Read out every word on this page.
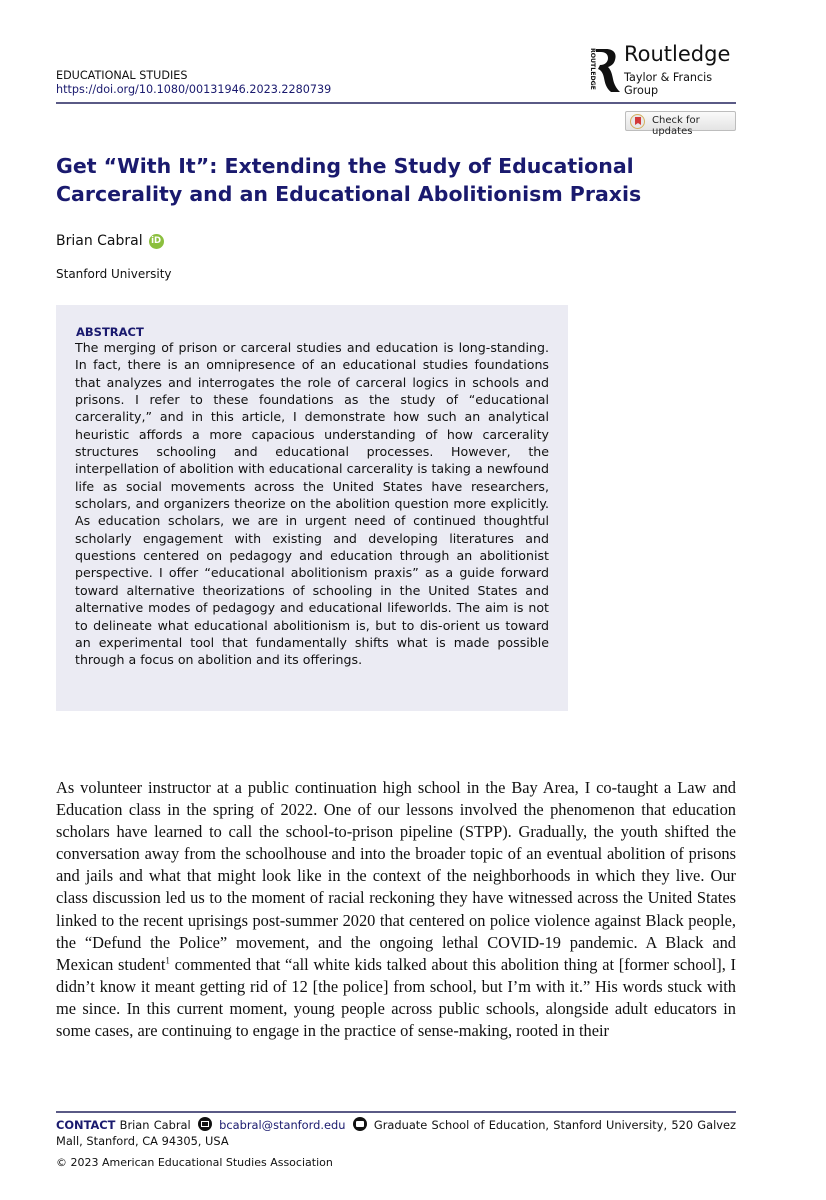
EDUCATIONAL STUDIES
https://doi.org/10.1080/00131946.2023.2280739	ROUTLEDGE Routledge
Taylor & Francis Group
Check for updates
Get “With It”: Extending the Study of Educational Carcerality and an Educational Abolitionism Praxis
Brian Cabral iD
Stanford University
ABSTRACT

The merging of prison or carceral studies and education is long-standing. In fact, there is an omnipresence of an educational studies foundations that analyzes and interrogates the role of carceral logics in schools and prisons. I refer to these foundations as the study of “educational carcerality,” and in this article, I demonstrate how such an analytical heuristic affords a more capacious understanding of how carcerality structures schooling and educational processes. However, the interpellation of abolition with educational carcerality is taking a newfound life as social movements across the United States have researchers, scholars, and organizers theorize on the abolition question more explicitly. As education scholars, we are in urgent need of continued thoughtful scholarly engagement with existing and developing literatures and questions centered on pedagogy and education through an abolitionist perspective. I offer “educational abolitionism praxis” as a guide forward toward alternative theorizations of schooling in the United States and alternative modes of pedagogy and educational lifeworlds. The aim is not to delineate what educational abolitionism is, but to dis-orient us toward an experimental tool that fundamentally shifts what is made possible through a focus on abolition and its offerings.

As volunteer instructor at a public continuation high school in the Bay Area, I co-taught a Law and Education class in the spring of 2022. One of our lessons involved the phenomenon that education scholars have learned to call the school-to-prison pipeline (STPP). Gradually, the youth shifted the conversation away from the schoolhouse and into the broader topic of an eventual abolition of prisons and jails and what that might look like in the context of the neighborhoods in which they live. Our class discussion led us to the moment of racial reckoning they have witnessed across the United States linked to the recent uprisings post-summer 2020 that centered on police violence against Black people, the “Defund the Police” movement, and the ongoing lethal COVID-19 pandemic. A Black and Mexican student$^1$ commented that “all white kids talked about this abolition thing at [former school], I didn’t know it meant getting rid of 12 [the police] from school, but I’m with it.” His words stuck with me since. In this current moment, young people across public schools, alongside adult educators in some cases, are continuing to engage in the practice of sense-making, rooted in their

CONTACT Brian Cabral bcabral@stanford.edu Graduate School of Education, Stanford University, 520 Galvez Mall, Stanford, CA 94305, USA
© 2023 American Educational Studies Association
